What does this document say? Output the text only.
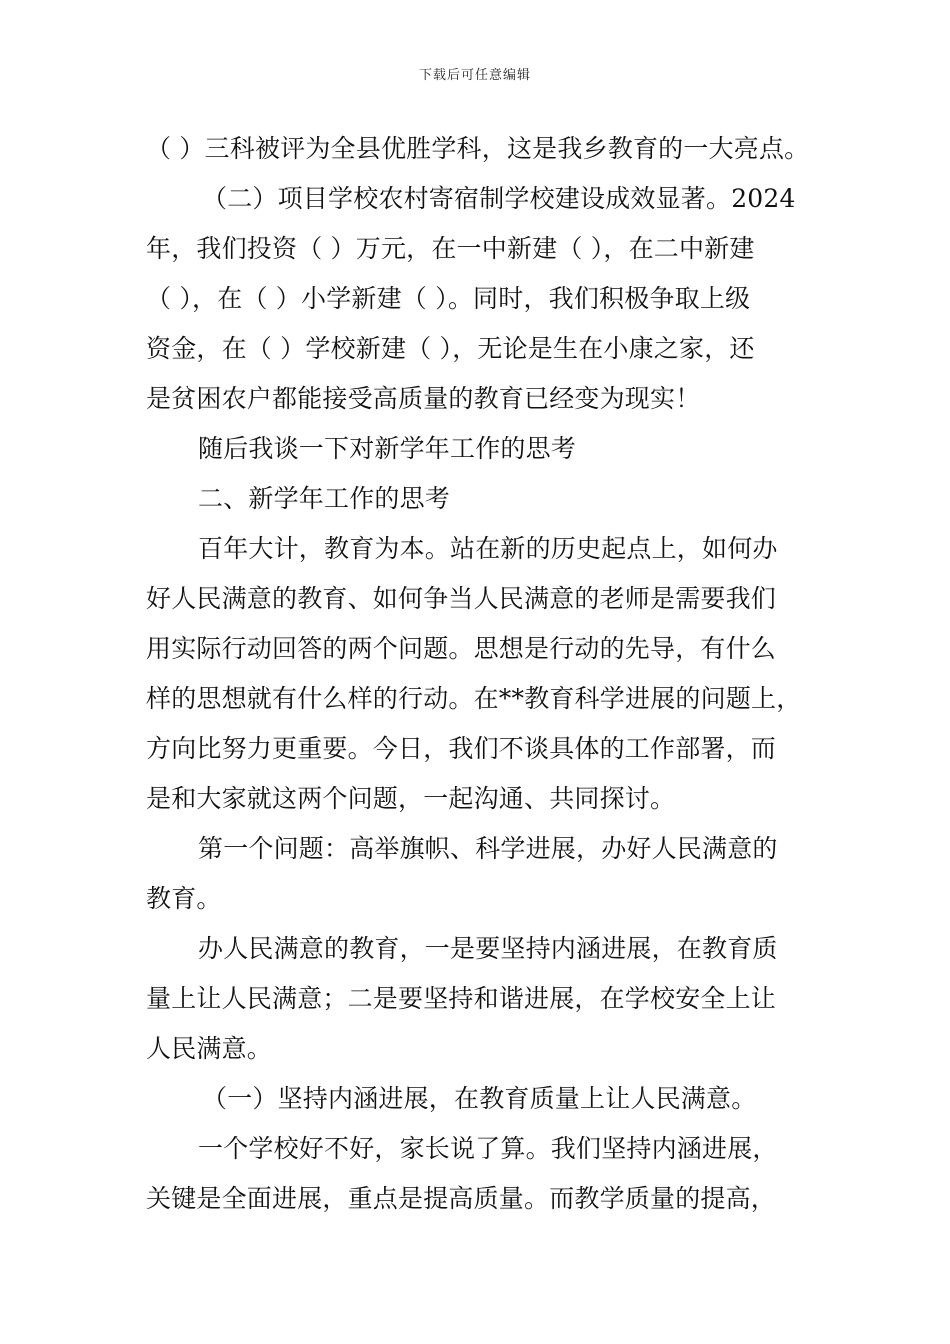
下载后可任意编辑
（ ）三科被评为全县优胜学科，这是我乡教育的一大亮点。
（二）项目学校农村寄宿制学校建设成效显著。2024
年，我们投资（ ）万元，在一中新建（ ），在二中新建
（ ），在（ ）小学新建（ ）。同时，我们积极争取上级
资金，在（ ）学校新建（ ），无论是生在小康之家，还
是贫困农户都能接受高质量的教育已经变为现实！
随后我谈一下对新学年工作的思考
二、新学年工作的思考
百年大计，教育为本。站在新的历史起点上，如何办
好人民满意的教育、如何争当人民满意的老师是需要我们
用实际行动回答的两个问题。思想是行动的先导，有什么
样的思想就有什么样的行动。在**教育科学进展的问题上，
方向比努力更重要。今日，我们不谈具体的工作部署，而
是和大家就这两个问题，一起沟通、共同探讨。
第一个问题：高举旗帜、科学进展，办好人民满意的
教育。
办人民满意的教育，一是要坚持内涵进展，在教育质
量上让人民满意；二是要坚持和谐进展，在学校安全上让
人民满意。
（一）坚持内涵进展，在教育质量上让人民满意。
一个学校好不好，家长说了算。我们坚持内涵进展，
关键是全面进展，重点是提高质量。而教学质量的提高，
